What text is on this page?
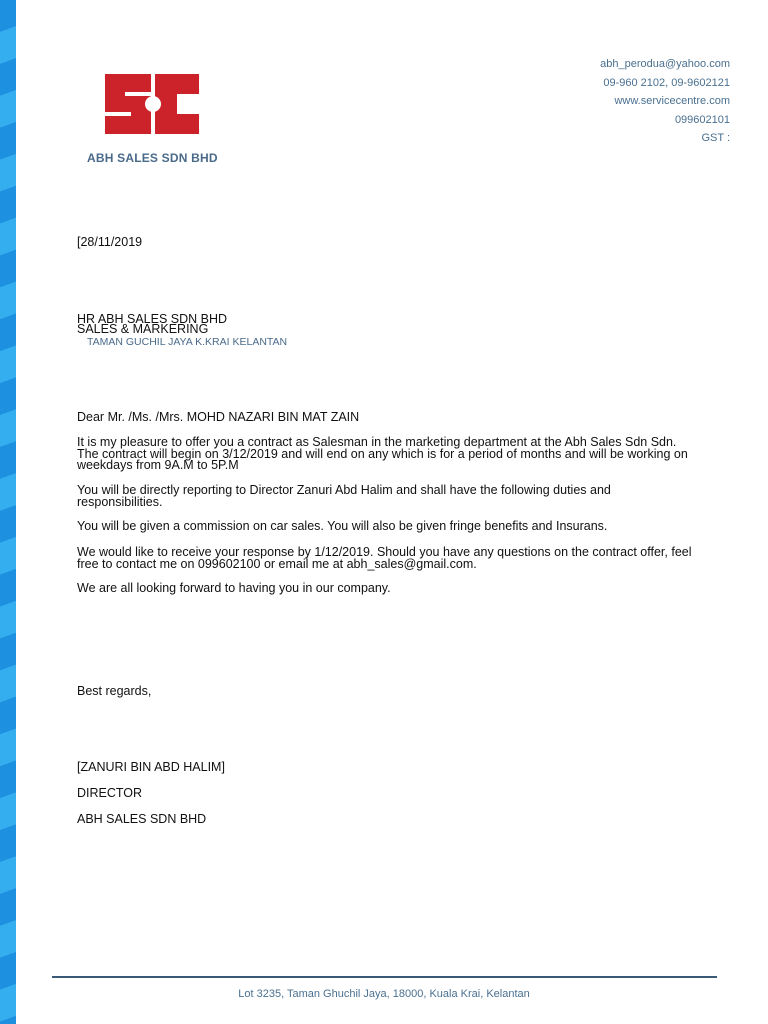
ABH SALES SDN BHD
abh_perodua@yahoo.com
09-960 2102, 09-9602121
www.servicecentre.com
099602101
GST :
[28/11/2019
HR ABH SALES SDN BHD
SALES & MARKERING
TAMAN GUCHIL JAYA K.KRAI KELANTAN
Dear Mr. /Ms. /Mrs. MOHD NAZARI BIN MAT ZAIN
It is my pleasure to offer you a contract as Salesman in the marketing department at the Abh Sales Sdn Sdn. The contract will begin on 3/12/2019 and will end on any which is for a period of months and will be working on weekdays from 9A.M to 5P.M
You will be directly reporting to Director Zanuri Abd Halim and shall have the following duties and responsibilities.
You will be given a commission on car sales. You will also be given fringe benefits and Insurans.
We would like to receive your response by 1/12/2019. Should you have any questions on the contract offer, feel free to contact me on 099602100 or email me at abh_sales@gmail.com.
We are all looking forward to having you in our company.
Best regards,
[ZANURI BIN ABD HALIM]
DIRECTOR
ABH SALES SDN BHD
Lot 3235, Taman Ghuchil Jaya, 18000, Kuala Krai, Kelantan
